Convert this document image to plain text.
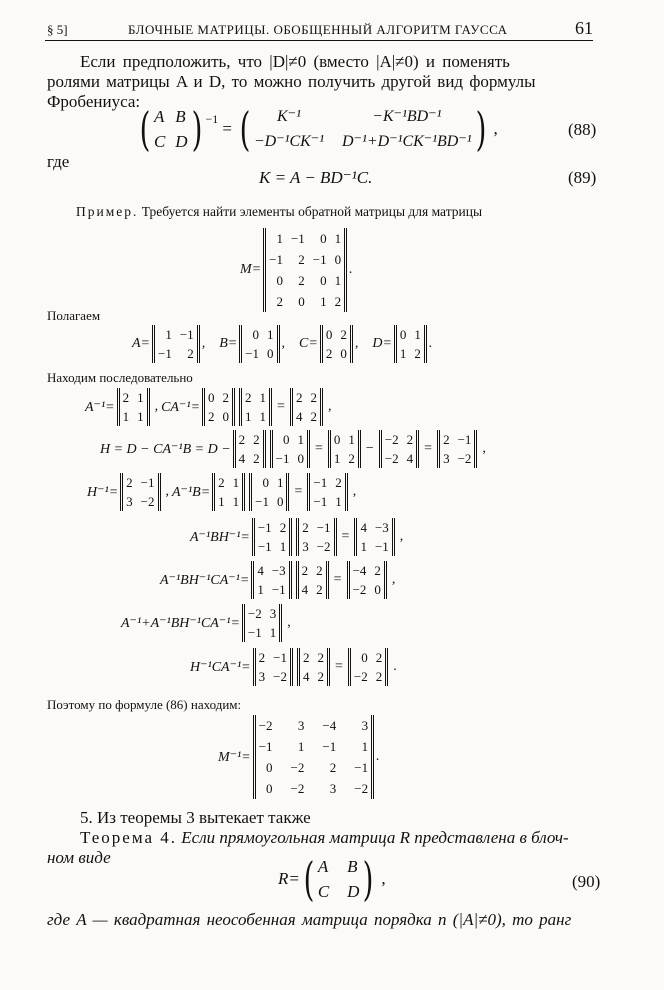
§ 5]	БЛОЧНЫЕ МАТРИЦЫ. ОБОБЩЕННЫЙ АЛГОРИТМ ГАУССА	61
Если предположить, что |D|≠0 (вместо |A|≠0) и поменять
ролями матрицы A и D, то можно получить другой вид формулы
Фробениуса:
( A B
C D ) −1 = (	K⁻¹	−K⁻¹BD⁻¹
−D⁻¹CK⁻¹ D⁻¹+D⁻¹CK⁻¹BD⁻¹ ) ,	(88)
где
K = A − BD⁻¹C.	(89)
Пример. Требуется найти элементы обратной матрицы для матрицы
M=
1 −1	0 1
−1	2 −1 0
0	2	0 1
2	0	1 2
.
Полагаем
A=
1 −1
−1	2
, B=
0 1
−1 0
, C=
0 2
2 0
, D=
0 1
1 2
.
Находим последовательно
A⁻¹=
2 1
1 1
, CA⁻¹=
0 2
2 0
2 1
1 1
=
2 2
4 2
,
H = D − CA⁻¹B = D −
2 2
4 2
0 1
−1 0
=
0 1
1 2
−
−2 2
−2 4
=
2 −1
3 −2
,
H⁻¹=
2 −1
3 −2
, A⁻¹B=
2 1
1 1
0 1
−1 0
=
−1 2
−1 1
,
A⁻¹BH⁻¹=
−1 2
−1 1
2 −1
3 −2
=
4 −3
1 −1
,
A⁻¹BH⁻¹CA⁻¹=
4 −3
1 −1
2 2
4 2
=
−4 2
−2 0
,
A⁻¹+A⁻¹BH⁻¹CA⁻¹=
−2 3
−1 1
,
H⁻¹CA⁻¹=
2 −1
3 −2
2 2
4 2
=
0 2
−2 2
.
Поэтому по формуле (86) находим:
M⁻¹=
−2	3 −4	3
−1	1 −1	1
0 −2	2 −1
0 −2	3 −2
.
5. Из теоремы 3 вытекает также
Теорема 4. Если прямоугольная матрица R представлена в блоч-
ном виде
R= ( A B
C D ) ,	(90)
где A — квадратная неособенная матрица порядка n (|A|≠0), то ранг
